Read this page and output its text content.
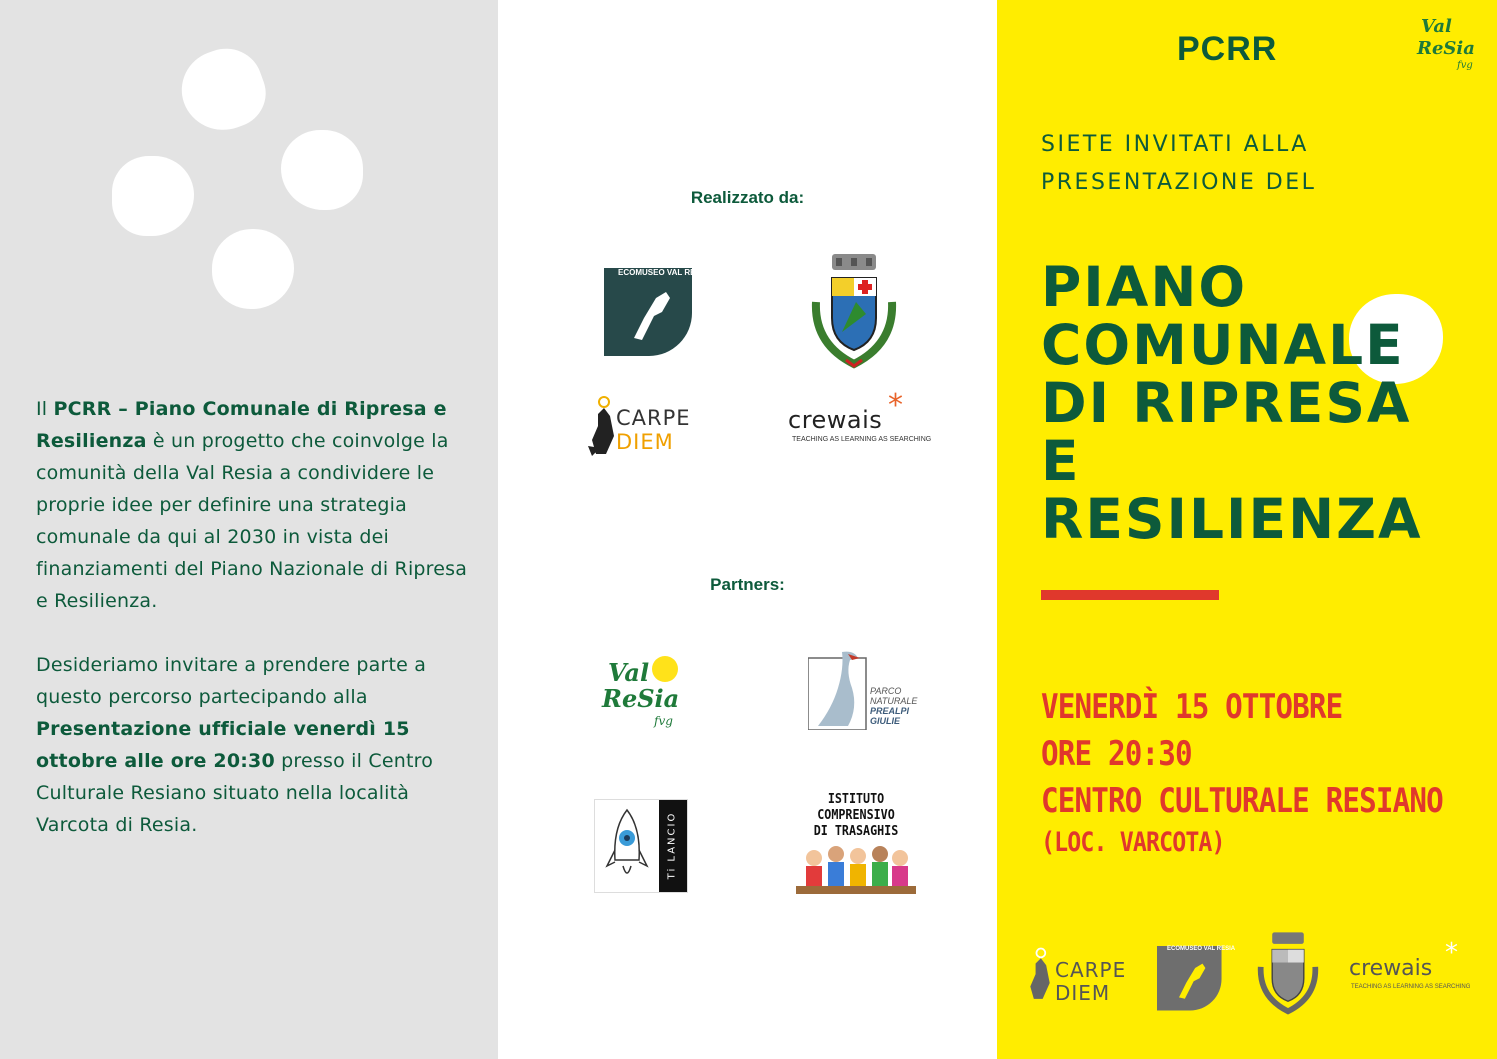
Il PCRR – Piano Comunale di Ripresa e Resilienza è un progetto che coinvolge la comunità della Val Resia a condividere le proprie idee per definire una strategia comunale da qui al 2030 in vista dei finanziamenti del Piano Nazionale di Ripresa e Resilienza.

Desideriamo invitare a prendere parte a questo percorso partecipando alla Presentazione ufficiale venerdì 15 ottobre alle ore 20:30 presso il Centro Culturale Resiano situato nella località Varcota di Resia.

Realizzato da:
ECOMUSEO VAL RESIA
CARPE
DIEM
*
crewais
TEACHING AS LEARNING AS SEARCHING
Partners:
Val
ReSia
fvg
PARCO
NATURALE
PREALPI
GIULIE
Ti LANCIO
ISTITUTO
COMPRENSIVO
DI TRASAGHIS
PCRR
Val
ReSia
fvg
SIETE INVITATI ALLA
PRESENTAZIONE DEL
PIANO
COMUNALE
DI RIPRESA
E
RESILIENZA
VENERDÌ 15 OTTOBRE
ORE 20:30
CENTRO CULTURALE RESIANO
(LOC. VARCOTA)
CARPE
DIEM
ECOMUSEO VAL RESIA	*
crewais
TEACHING AS LEARNING AS SEARCHING
